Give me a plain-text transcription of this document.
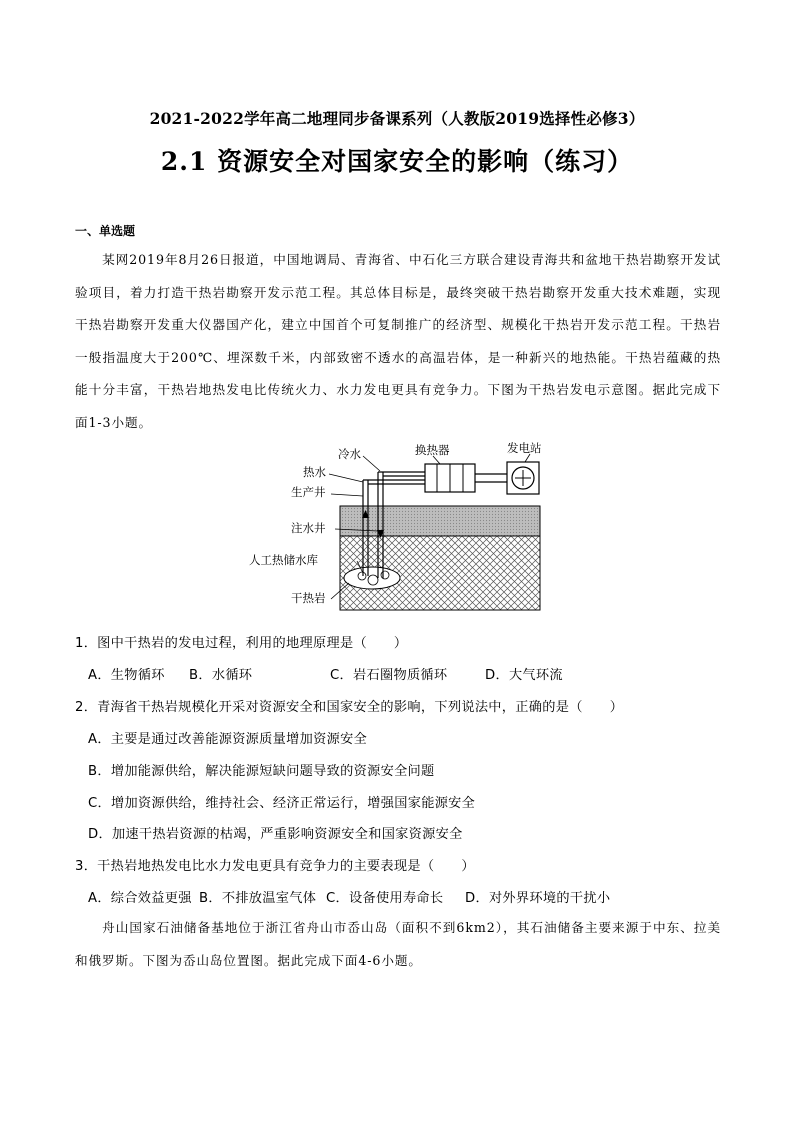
2021-2022学年高二地理同步备课系列（人教版2019选择性必修3）
2.1 资源安全对国家安全的影响（练习）
一、单选题
某网2019年8月26日报道，中国地调局、青海省、中石化三方联合建设青海共和盆地干热岩勘察开发试验项目，着力打造干热岩勘察开发示范工程。其总体目标是，最终突破干热岩勘察开发重大技术难题，实现干热岩勘察开发重大仪器国产化，建立中国首个可复制推广的经济型、规模化干热岩开发示范工程。干热岩一般指温度大于200℃、埋深数千米，内部致密不透水的高温岩体，是一种新兴的地热能。干热岩蕴藏的热能十分丰富，干热岩地热发电比传统火力、水力发电更具有竞争力。下图为干热岩发电示意图。据此完成下面1-3小题。
冷水	换热器	发电站
热水
生产井
注水井
人工热储水库
干热岩
1．图中干热岩的发电过程，利用的地理原理是（　　）
A．生物循环 B．水循环	C．岩石圈物质循环	D．大气环流
2．青海省干热岩规模化开采对资源安全和国家安全的影响，下列说法中，正确的是（　　）
A．主要是通过改善能源资源质量增加资源安全
B．增加能源供给，解决能源短缺问题导致的资源安全问题
C．增加资源供给，维持社会、经济正常运行，增强国家能源安全
D．加速干热岩资源的枯竭，严重影响资源安全和国家资源安全
3．干热岩地热发电比水力发电更具有竞争力的主要表现是（　　）
A．综合效益更强 B．不排放温室气体 C．设备使用寿命长 D．对外界环境的干扰小
舟山国家石油储备基地位于浙江省舟山市岙山岛（面积不到6km2），其石油储备主要来源于中东、拉美和俄罗斯。下图为岙山岛位置图。据此完成下面4-6小题。
